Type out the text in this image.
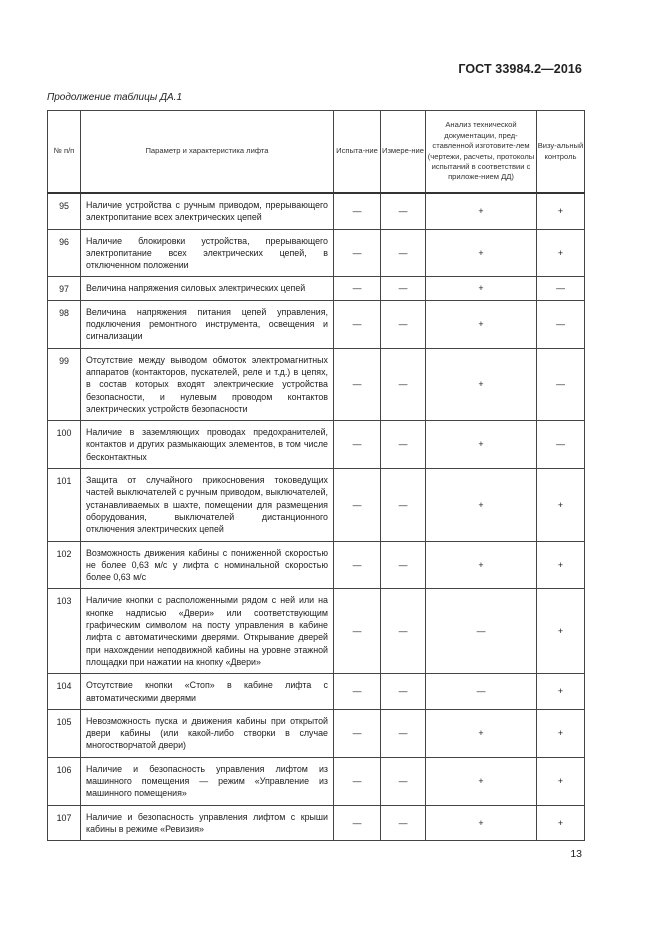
ГОСТ 33984.2—2016
Продолжение таблицы ДА.1
№ п/п	Параметр и характеристика лифта	Испыта-ние	Измере-ние	Анализ технической документации, пред-ставленной изготовите-лем (чертежи, расчеты, протоколы испытаний в соответствии с приложе-нием ДД)	Визу-альный контроль
95	Наличие устройства с ручным приводом, прерывающего электропитание всех электрических цепей	—	—	+	+
96	Наличие блокировки устройства, прерывающего электропитание всех электрических цепей, в отключенном положении	—	—	+	+
97	Величина напряжения силовых электрических цепей	—	—	+	—
98	Величина напряжения питания цепей управления, подключения ремонтного инструмента, освещения и сигнализации	—	—	+	—
99	Отсутствие между выводом обмоток электромагнитных аппаратов (контакторов, пускателей, реле и т.д.) в цепях, в состав которых входят электрические устройства безопасности, и нулевым проводом контактов электрических устройств безопасности	—	—	+	—
100	Наличие в заземляющих проводах предохранителей, контактов и других размыкающих элементов, в том числе бесконтактных	—	—	+	—
101	Защита от случайного прикосновения токоведущих частей выключателей с ручным приводом, выключателей, устанавливаемых в шахте, помещении для размещения оборудования, выключателей дистанционного отключения электрических цепей	—	—	+	+
102	Возможность движения кабины с пониженной скоростью не более 0,63 м/с у лифта с номинальной скоростью более 0,63 м/с	—	—	+	+
103	Наличие кнопки с расположенными рядом с ней или на кнопке надписью «Двери» или соответствующим графическим символом на посту управления в кабине лифта с автоматическими дверями. Открывание дверей при нахождении неподвижной кабины на уровне этажной площадки при нажатии на кнопку «Двери»	—	—	—	+
104	Отсутствие кнопки «Стоп» в кабине лифта с автоматическими дверями	—	—	—	+
105	Невозможность пуска и движения кабины при открытой двери кабины (или какой-либо створки в случае многостворчатой двери)	—	—	+	+
106	Наличие и безопасность управления лифтом из машинного помещения — режим «Управление из машинного помещения»	—	—	+	+
107	Наличие и безопасность управления лифтом с крыши кабины в режиме «Ревизия»	—	—	+	+
13
